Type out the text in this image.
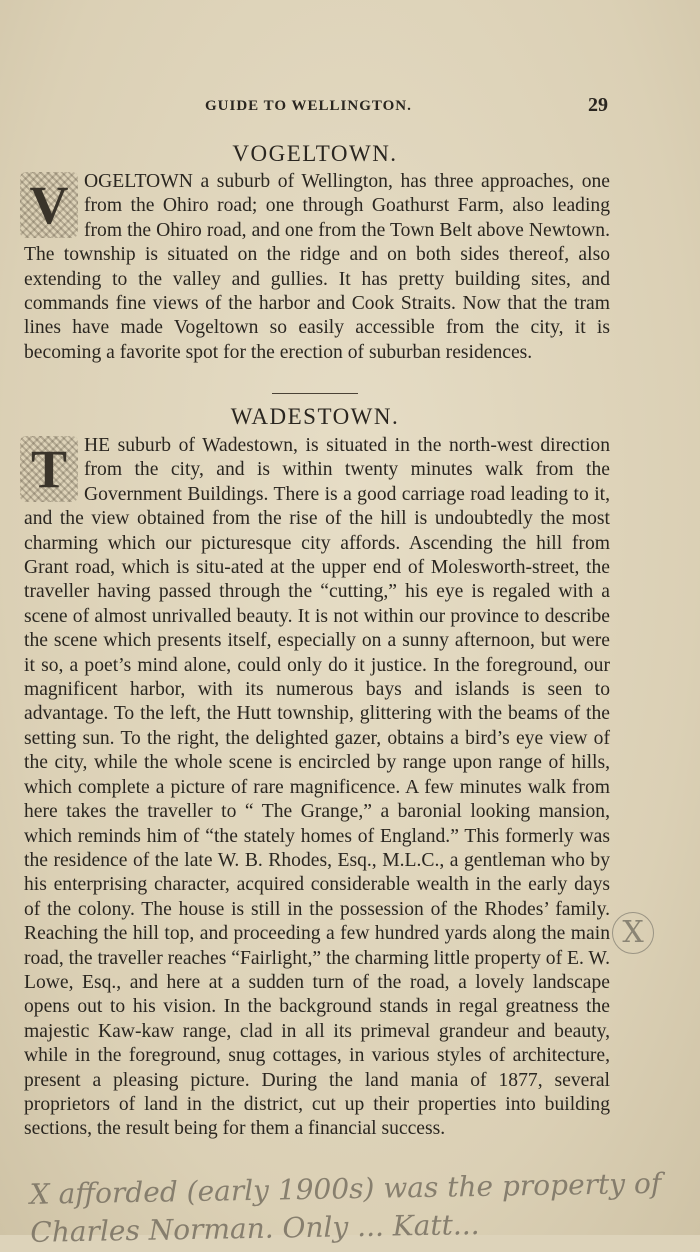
GUIDE TO WELLINGTON.	29
VOGELTOWN.
V OGELTOWN a suburb of Wellington, has three approaches, one from the Ohiro road; one through Goathurst Farm, also leading from the Ohiro road, and one from the Town Belt above Newtown. The township is situated on the ridge and on both sides thereof, also extending to the valley and gullies. It has pretty building sites, and commands fine views of the harbor and Cook Straits. Now that the tram lines have made Vogeltown so easily accessible from the city, it is becoming a favorite spot for the erection of suburban residences.
WADESTOWN.
T HE suburb of Wadestown, is situated in the north-west direction from the city, and is within twenty minutes walk from the Government Buildings. There is a good carriage road leading to it, and the view obtained from the rise of the hill is undoubtedly the most charming which our picturesque city affords. Ascending the hill from Grant road, which is situ-ated at the upper end of Molesworth-street, the traveller having passed through the “cutting,” his eye is regaled with a scene of almost unrivalled beauty. It is not within our province to describe the scene which presents itself, especially on a sunny afternoon, but were it so, a poet’s mind alone, could only do it justice. In the foreground, our magnificent harbor, with its numerous bays and islands is seen to advantage. To the left, the Hutt township, glittering with the beams of the setting sun. To the right, the delighted gazer, obtains a bird’s eye view of the city, while the whole scene is encircled by range upon range of hills, which complete a picture of rare magnificence. A few minutes walk from here takes the traveller to “ The Grange,” a baronial looking mansion, which reminds him of “the stately homes of England.” This formerly was the residence of the late W. B. Rhodes, Esq., M.L.C., a gentleman who by his enterprising character, acquired considerable wealth in the early days of the colony. The house is still in the possession of the Rhodes’ family. Reaching the hill top, and proceeding a few hundred yards along the main road, the traveller reaches “Fairlight,” the charming little property of E. W. Lowe, Esq., and here at a sudden turn of the road, a lovely landscape opens out to his vision. In the background stands in regal greatness the majestic Kaw-kaw range, clad in all its primeval grandeur and beauty, while in the foreground, snug cottages, in various styles of architecture, present a pleasing picture. During the land mania of 1877, several proprietors of land in the district, cut up their properties into building sections, the result being for them a financial success.
X
X afforded (early 1900s) was the property of Charles Norman. Only ... Katt...
